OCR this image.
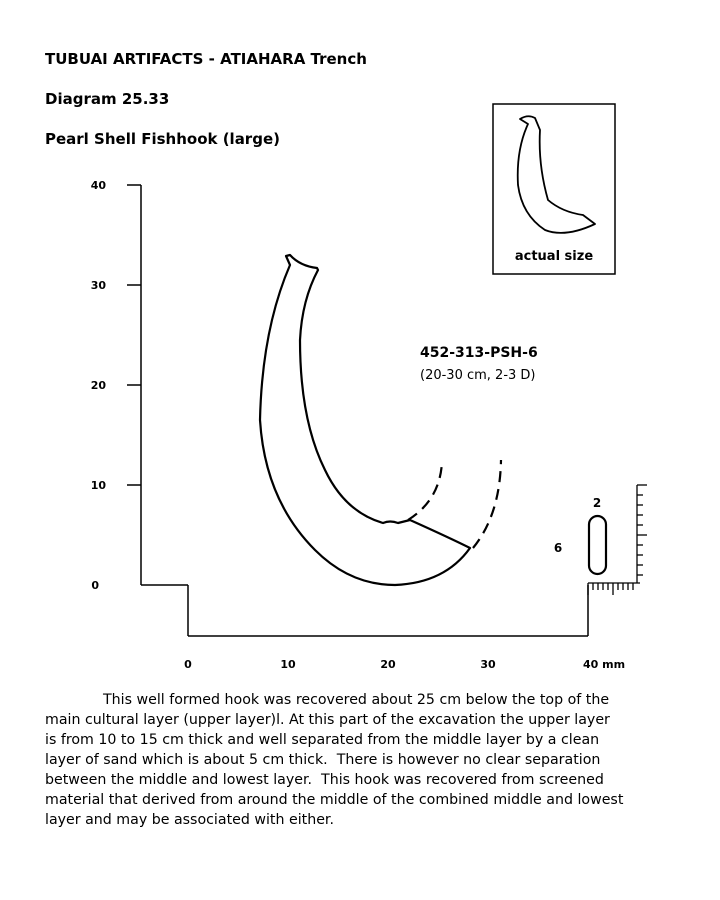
TUBUAI ARTIFACTS - ATIAHARA Trench
Diagram 25.33
Pearl Shell Fishhook (large)
40
30
20
10
0
0	10	20	30	40 mm
452-313-PSH-6
(20-30 cm, 2-3 D)
actual size
2
6
This well formed hook was recovered about 25 cm below the top of the
main cultural layer (upper layer)l. At this part of the excavation the upper layer
is from 10 to 15 cm thick and well separated from the middle layer by a clean
layer of sand which is about 5 cm thick.  There is however no clear separation
between the middle and lowest layer.  This hook was recovered from screened
material that derived from around the middle of the combined middle and lowest
layer and may be associated with either.
